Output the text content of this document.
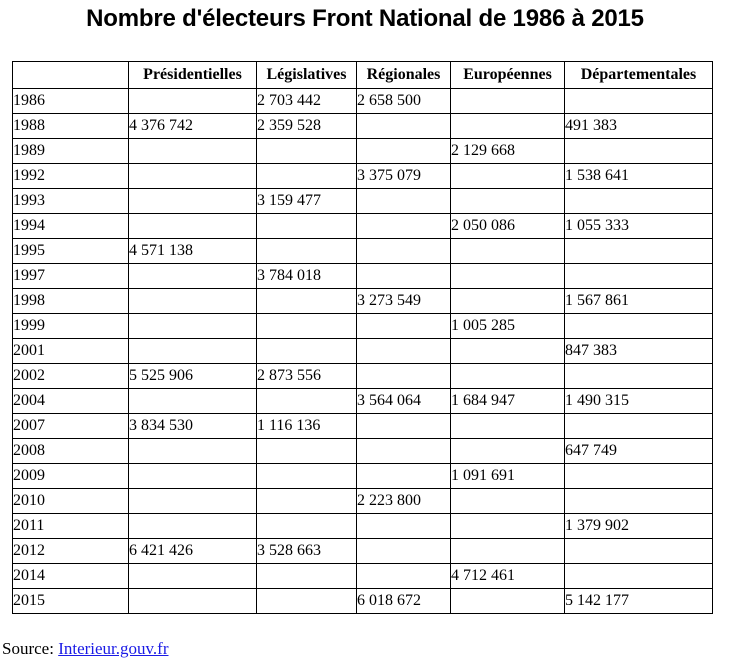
Nombre d'électeurs Front National de 1986 à 2015
	Présidentielles	Législatives	Régionales	Européennes	Départementales
1986		2 703 442	2 658 500		
1988	4 376 742	2 359 528			491 383
1989				2 129 668	
1992			3 375 079		1 538 641
1993		3 159 477			
1994				2 050 086	1 055 333
1995	4 571 138				
1997		3 784 018			
1998			3 273 549		1 567 861
1999				1 005 285	
2001					847 383
2002	5 525 906	2 873 556			
2004			3 564 064	1 684 947	1 490 315
2007	3 834 530	1 116 136			
2008					647 749
2009				1 091 691	
2010			2 223 800		
2011					1 379 902
2012	6 421 426	3 528 663			
2014				4 712 461	
2015			6 018 672		5 142 177
Source: Interieur.gouv.fr
